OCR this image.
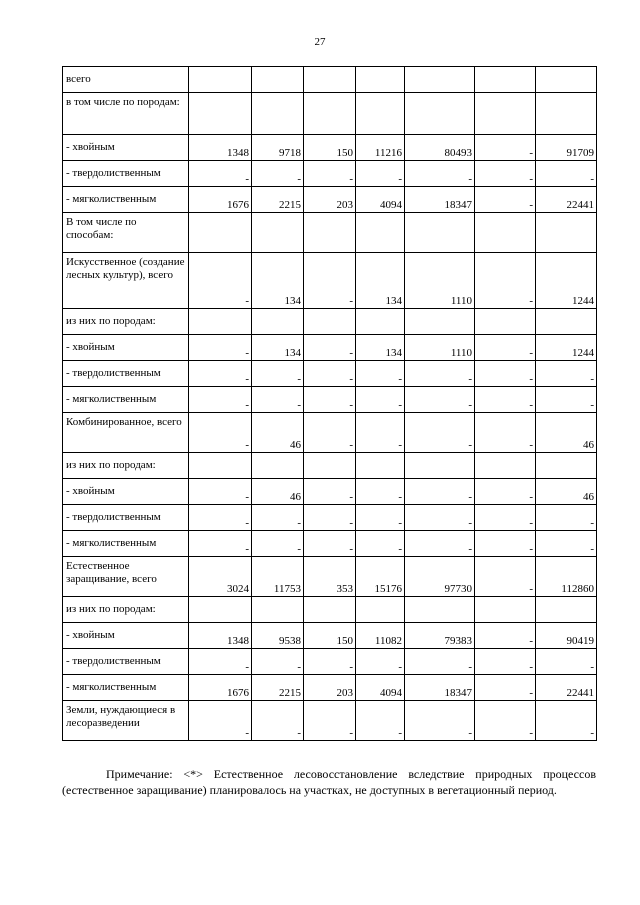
27
всего							
в том числе по породам:							
- хвойным	1348	9718	150	11216	80493	-	91709
- твердолиственным	-	-	-	-	-	-	-
- мягколиственным	1676	2215	203	4094	18347	-	22441
В том числе по способам:							
Искусственное (создание лесных культур), всего	-	134	-	134	1110	-	1244
из них по породам:							
- хвойным	-	134	-	134	1110	-	1244
- твердолиственным	-	-	-	-	-	-	-
- мягколиственным	-	-	-	-	-	-	-
Комбинированное, всего	-	46	-	-	-	-	46
из них по породам:							
- хвойным	-	46	-	-	-	-	46
- твердолиственным	-	-	-	-	-	-	-
- мягколиственным	-	-	-	-	-	-	-
Естественное заращивание, всего	3024	11753	353	15176	97730	-	112860
из них по породам:							
- хвойным	1348	9538	150	11082	79383	-	90419
- твердолиственным	-	-	-	-	-	-	-
- мягколиственным	1676	2215	203	4094	18347	-	22441
Земли, нуждающиеся в лесоразведении	-	-	-	-	-	-	-
Примечание: <*> Естественное лесовосстановление вследствие природных процессов (естественное заращивание) планировалось на участках, не доступных в вегетационный период.
